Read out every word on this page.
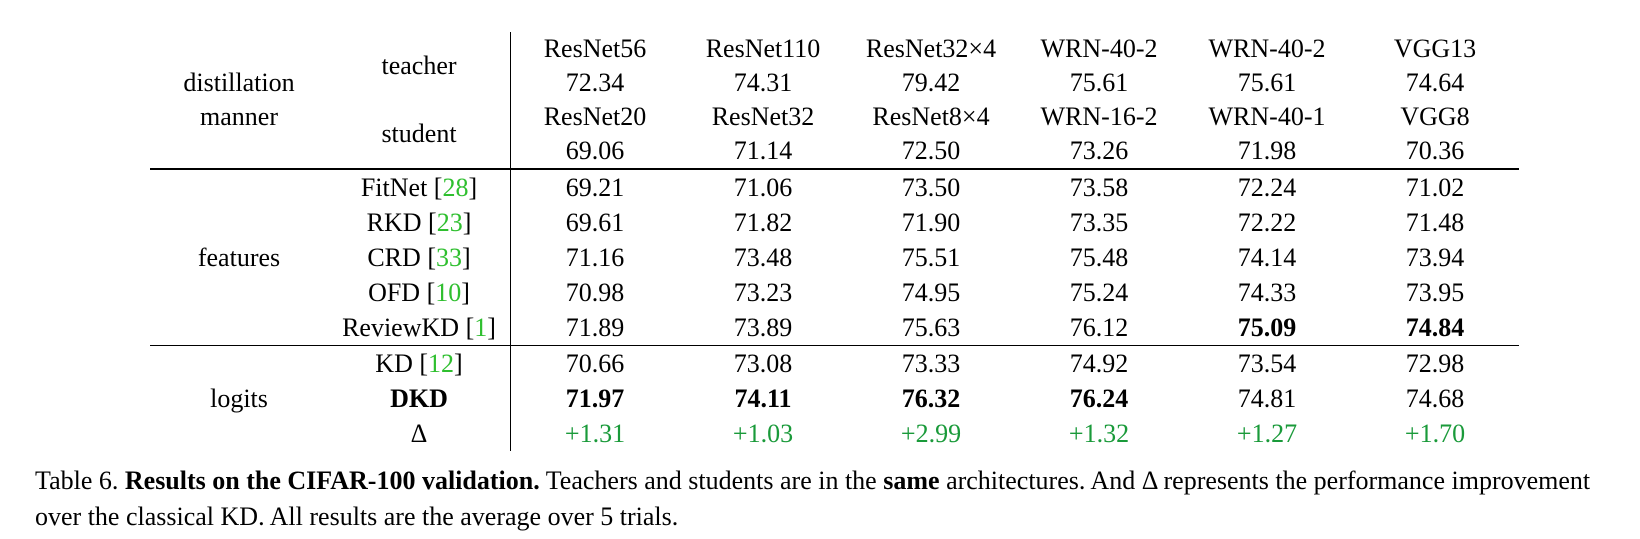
distillation manner	teacher	ResNet56	ResNet110	ResNet32×4	WRN-40-2	WRN-40-2	VGG13
		72.34	74.31	79.42	75.61	75.61	74.64
	student	ResNet20	ResNet32	ResNet8×4	WRN-16-2	WRN-40-1	VGG8
		69.06	71.14	72.50	73.26	71.98	70.36
features	FitNet [28]	69.21	71.06	73.50	73.58	72.24	71.02
	RKD [23]	69.61	71.82	71.90	73.35	72.22	71.48
	CRD [33]	71.16	73.48	75.51	75.48	74.14	73.94
	OFD [10]	70.98	73.23	74.95	75.24	74.33	73.95
	ReviewKD [1]	71.89	73.89	75.63	76.12	75.09	74.84
logits	KD [12]	70.66	73.08	73.33	74.92	73.54	72.98
	DKD	71.97	74.11	76.32	76.24	74.81	74.68
	Δ	+1.31	+1.03	+2.99	+1.32	+1.27	+1.70
Table 6. Results on the CIFAR-100 validation. Teachers and students are in the same architectures. And Δ represents the performance improvement over the classical KD. All results are the average over 5 trials.
